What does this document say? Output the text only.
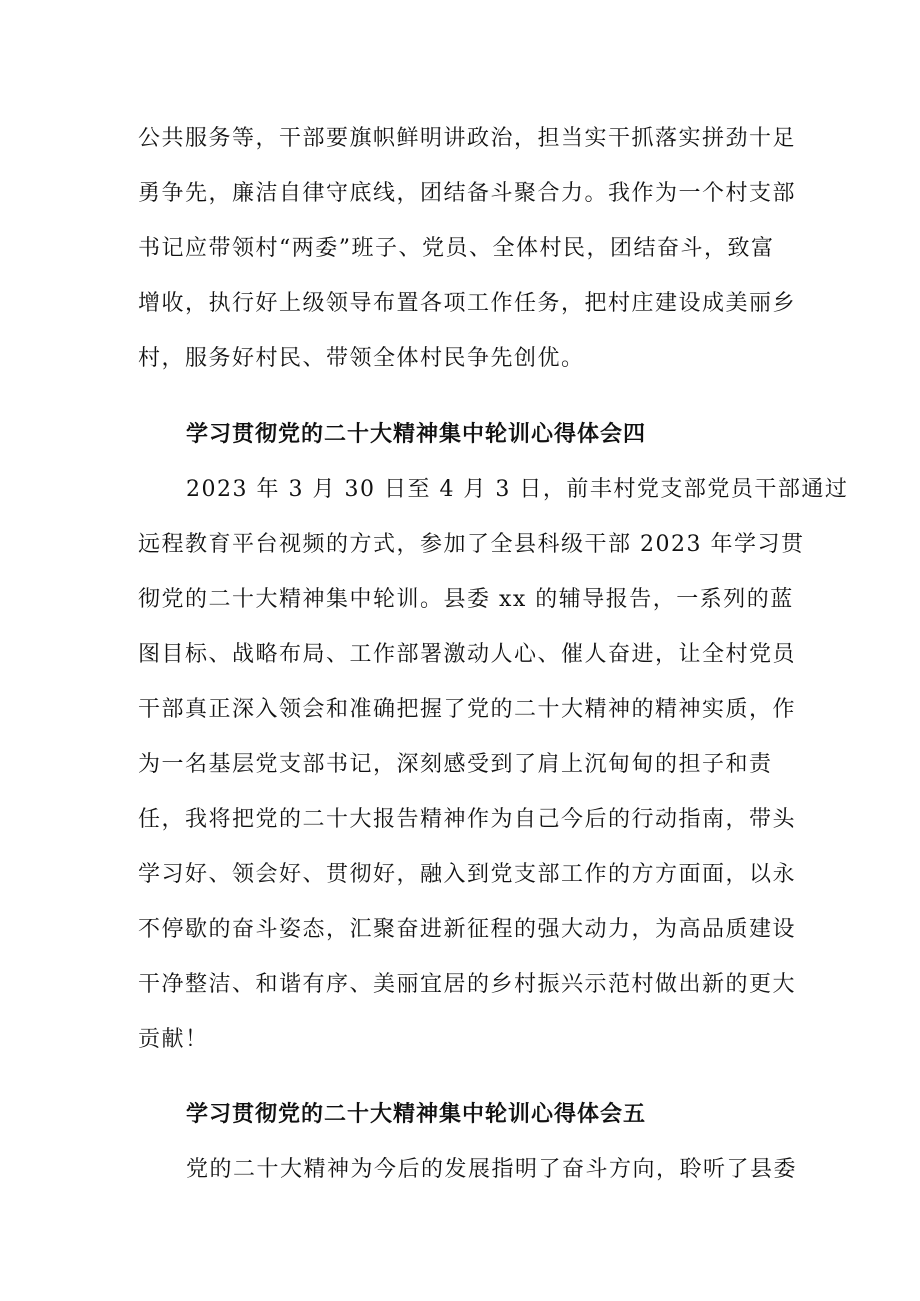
公共服务等，干部要旗帜鲜明讲政治，担当实干抓落实拼劲十足
勇争先，廉洁自律守底线，团结备斗聚合力。我作为一个村支部
书记应带领村“两委”班子、党员、全体村民，团结奋斗，致富
增收，执行好上级领导布置各项工作任务，把村庄建设成美丽乡
村，服务好村民、带领全体村民争先创优。
学习贯彻党的二十大精神集中轮训心得体会四
2023 年 3 月 30 日至 4 月 3 日，前丰村党支部党员干部通过
远程教育平台视频的方式，参加了全县科级干部 2023 年学习贯
彻党的二十大精神集中轮训。县委 xx 的辅导报告，一系列的蓝
图目标、战略布局、工作部署激动人心、催人奋进，让全村党员
干部真正深入领会和准确把握了党的二十大精神的精神实质，作
为一名基层党支部书记，深刻感受到了肩上沉甸甸的担子和责
任，我将把党的二十大报告精神作为自己今后的行动指南，带头
学习好、领会好、贯彻好，融入到党支部工作的方方面面，以永
不停歇的奋斗姿态，汇聚奋进新征程的强大动力，为高品质建设
干净整洁、和谐有序、美丽宜居的乡村振兴示范村做出新的更大
贡献！
学习贯彻党的二十大精神集中轮训心得体会五
党的二十大精神为今后的发展指明了奋斗方向，聆听了县委
